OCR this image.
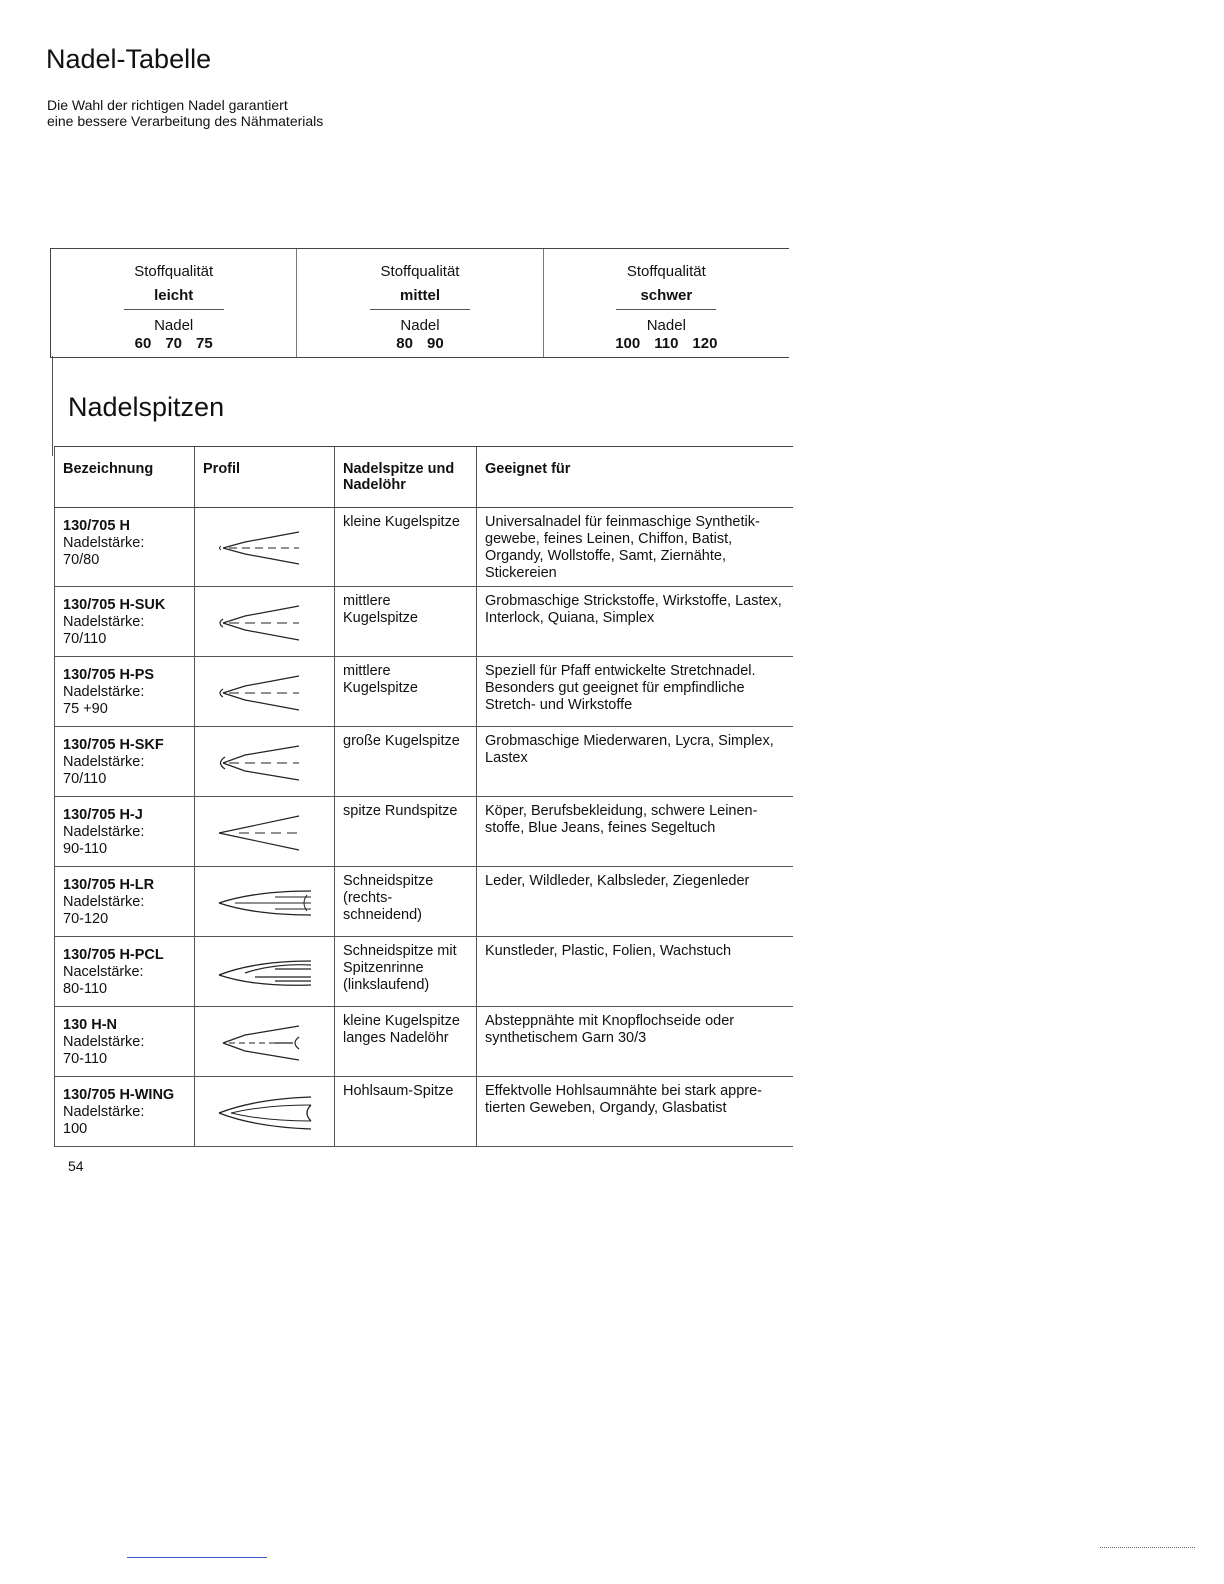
Nadel-Tabelle
Die Wahl der richtigen Nadel garantiert
eine bessere Verarbeitung des Nähmaterials
Stoffqualität
leicht
Nadel
60 70 75
Stoffqualität
mittel
Nadel
80 90
Stoffqualität
schwer
Nadel
100 110 120
Nadelspitzen
Bezeichnung	Profil	Nadelspitze und Nadelöhr	Geeignet für

130/705 H
Nadelstärke:
70/80		kleine Kugelspitze	Universalnadel für feinmaschige Synthetik-gewebe, feines Leinen, Chiffon, Batist, Organdy, Wollstoffe, Samt, Ziernähte, Stickereien

130/705 H-SUK
Nadelstärke:
70/110		mittlere Kugelspitze	Grobmaschige Strickstoffe, Wirkstoffe, Lastex, Interlock, Quiana, Simplex

130/705 H-PS
Nadelstärke:
75 +90		mittlere Kugelspitze	Speziell für Pfaff entwickelte Stretchnadel. Besonders gut geeignet für empfindliche Stretch- und Wirkstoffe

130/705 H-SKF
Nadelstärke:
70/110		große Kugelspitze	Grobmaschige Miederwaren, Lycra, Simplex, Lastex

130/705 H-J
Nadelstärke:
90-110		spitze Rundspitze	Köper, Berufsbekleidung, schwere Leinen-stoffe, Blue Jeans, feines Segeltuch

130/705 H-LR
Nadelstärke:
70-120		Schneidspitze (rechts-schneidend)	Leder, Wildleder, Kalbsleder, Ziegenleder

130/705 H-PCL
Nacelstärke:
80-110		Schneidspitze mit Spitzenrinne (linkslaufend)	Kunstleder, Plastic, Folien, Wachstuch

130 H-N
Nadelstärke:
70-110		kleine Kugelspitze langes Nadelöhr	Absteppnähte mit Knopflochseide oder synthetischem Garn 30/3

130/705 H-WING
Nadelstärke:
100		Hohlsaum-Spitze	Effektvolle Hohlsaumnähte bei stark appre-tierten Geweben, Organdy, Glasbatist
54
